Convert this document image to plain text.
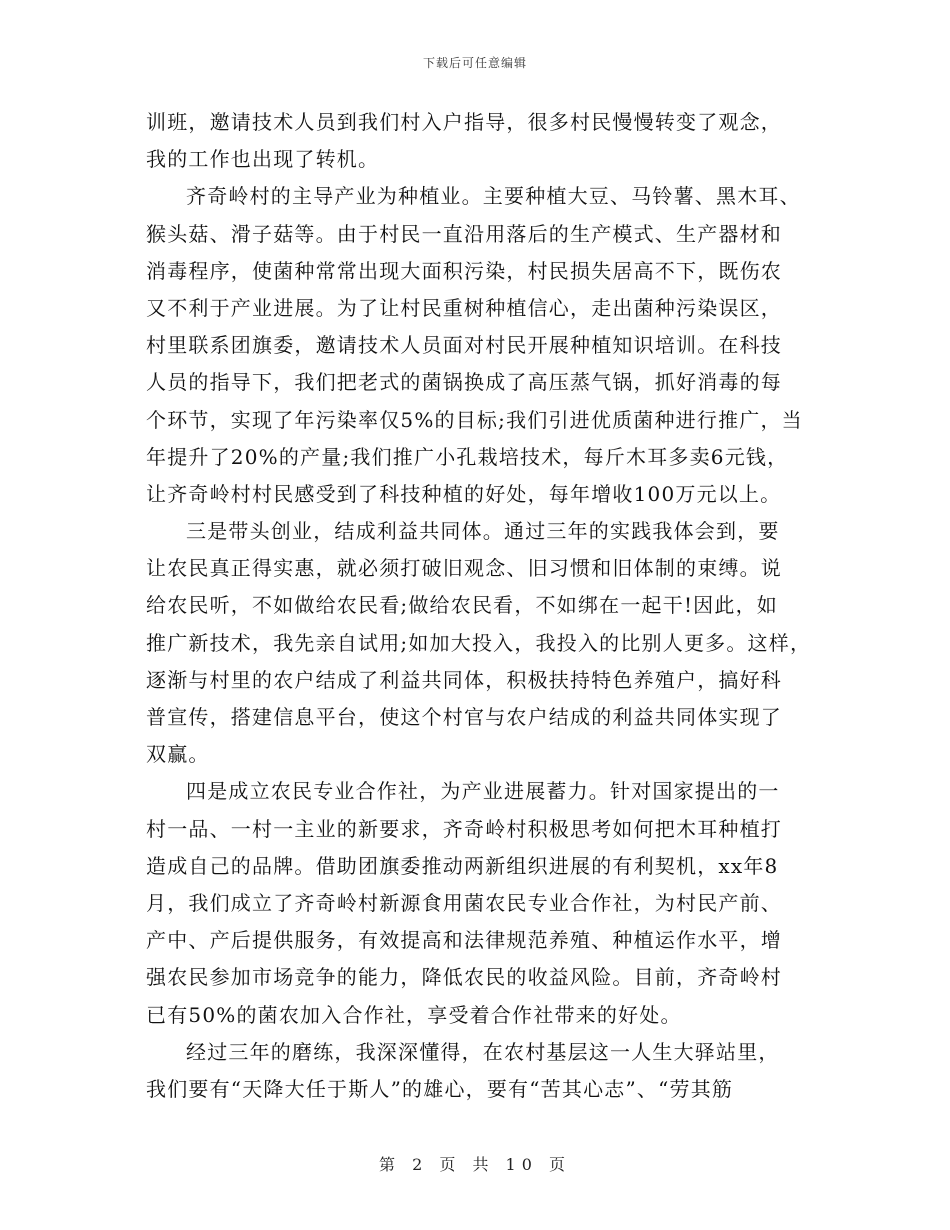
下载后可任意编辑
训班，邀请技术人员到我们村入户指导，很多村民慢慢转变了观念，
我的工作也出现了转机。
齐奇岭村的主导产业为种植业。主要种植大豆、马铃薯、黑木耳、
猴头菇、滑子菇等。由于村民一直沿用落后的生产模式、生产器材和
消毒程序，使菌种常常出现大面积污染，村民损失居高不下，既伤农
又不利于产业进展。为了让村民重树种植信心，走出菌种污染误区，
村里联系团旗委，邀请技术人员面对村民开展种植知识培训。在科技
人员的指导下，我们把老式的菌锅换成了高压蒸气锅，抓好消毒的每
个环节，实现了年污染率仅5%的目标;我们引进优质菌种进行推广，当
年提升了20%的产量;我们推广小孔栽培技术，每斤木耳多卖6元钱，
让齐奇岭村村民感受到了科技种植的好处，每年增收100万元以上。
三是带头创业，结成利益共同体。通过三年的实践我体会到，要
让农民真正得实惠，就必须打破旧观念、旧习惯和旧体制的束缚。说
给农民听，不如做给农民看;做给农民看，不如绑在一起干!因此，如
推广新技术，我先亲自试用;如加大投入，我投入的比别人更多。这样，
逐渐与村里的农户结成了利益共同体，积极扶持特色养殖户，搞好科
普宣传，搭建信息平台，使这个村官与农户结成的利益共同体实现了
双赢。
四是成立农民专业合作社，为产业进展蓄力。针对国家提出的一
村一品、一村一主业的新要求，齐奇岭村积极思考如何把木耳种植打
造成自己的品牌。借助团旗委推动两新组织进展的有利契机，xx年8
月，我们成立了齐奇岭村新源食用菌农民专业合作社，为村民产前、
产中、产后提供服务，有效提高和法律规范养殖、种植运作水平，增
强农民参加市场竞争的能力，降低农民的收益风险。目前，齐奇岭村
已有50%的菌农加入合作社，享受着合作社带来的好处。
经过三年的磨练，我深深懂得，在农村基层这一人生大驿站里，
我们要有“天降大任于斯人”的雄心，要有“苦其心志”、“劳其筋
第 2 页 共 10 页
